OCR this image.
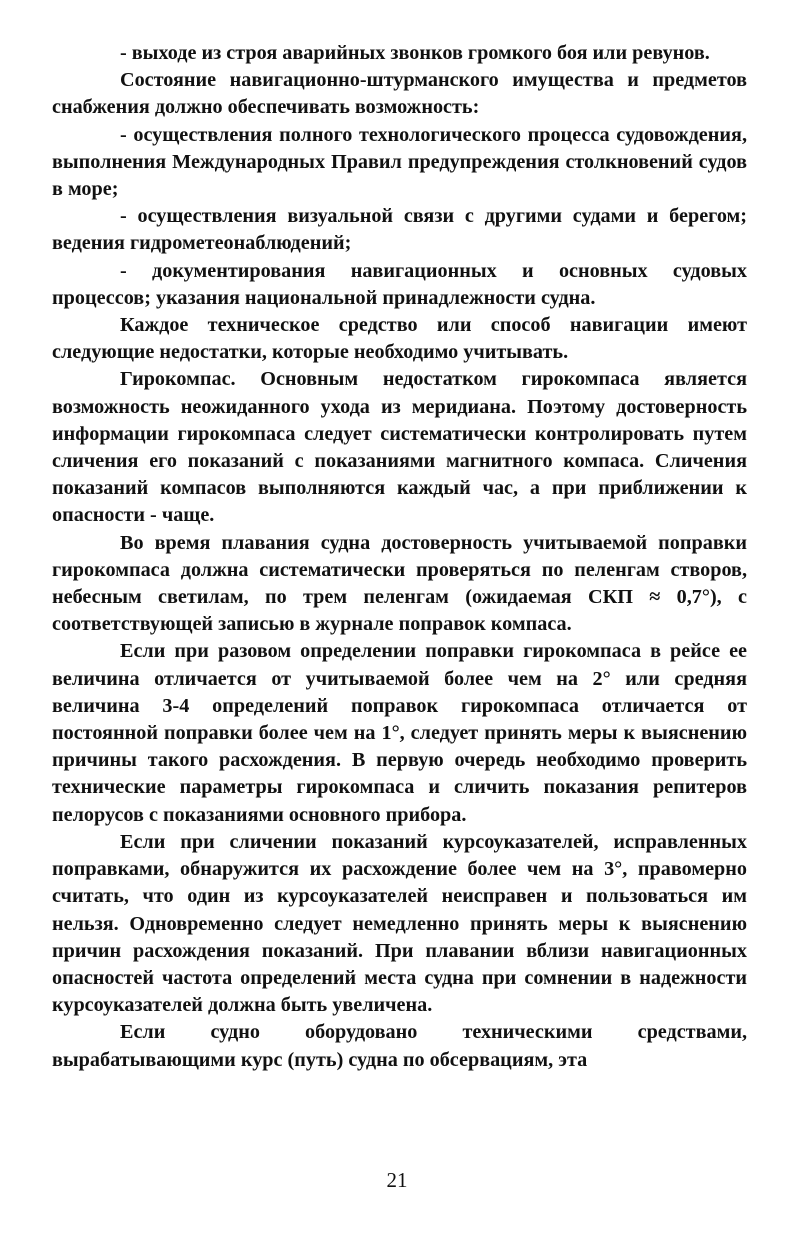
- выходе из строя аварийных звонков громкого боя или ревунов.

Состояние навигационно-штурманского имущества и предметов снабжения должно обеспечивать возможность:

- осуществления полного технологического процесса судовождения, выполнения Международных Правил предупреждения столкновений судов в море;

- осуществления визуальной связи с другими судами и берегом; ведения гидрометеонаблюдений;

- документирования навигационных и основных судовых процессов; указания национальной принадлежности судна.

Каждое техническое средство или способ навигации имеют следующие недостатки, которые необходимо учитывать.

Гирокомпас. Основным недостатком гирокомпаса является возможность неожиданного ухода из меридиана. Поэтому достоверность информации гирокомпаса следует систематически контролировать путем сличения его показаний с показаниями магнитного компаса. Сличения показаний компасов выполняются каждый час, а при приближении к опасности - чаще.

Во время плавания судна достоверность учитываемой поправки гирокомпаса должна систематически проверяться по пеленгам створов, небесным светилам, по трем пеленгам (ожидаемая СКП ≈ 0,7°), с соответствующей записью в журнале поправок компаса.

Если при разовом определении поправки гирокомпаса в рейсе ее величина отличается от учитываемой более чем на 2° или средняя величина 3-4 определений поправок гирокомпаса отличается от постоянной поправки более чем на 1°, следует принять меры к выяснению причины такого расхождения. В первую очередь необходимо проверить технические параметры гирокомпаса и сличить показания репитеров пелорусов с показаниями основного прибора.

Если при сличении показаний курсоуказателей, исправленных поправками, обнаружится их расхождение более чем на 3°, правомерно считать, что один из курсоуказателей неисправен и пользоваться им нельзя. Одновременно следует немедленно принять меры к выяснению причин расхождения показаний. При плавании вблизи навигационных опасностей частота определений места судна при сомнении в надежности курсоуказателей должна быть увеличена.

Если судно оборудовано техническими средствами, вырабатывающими курс (путь) судна по обсервациям, эта

21
